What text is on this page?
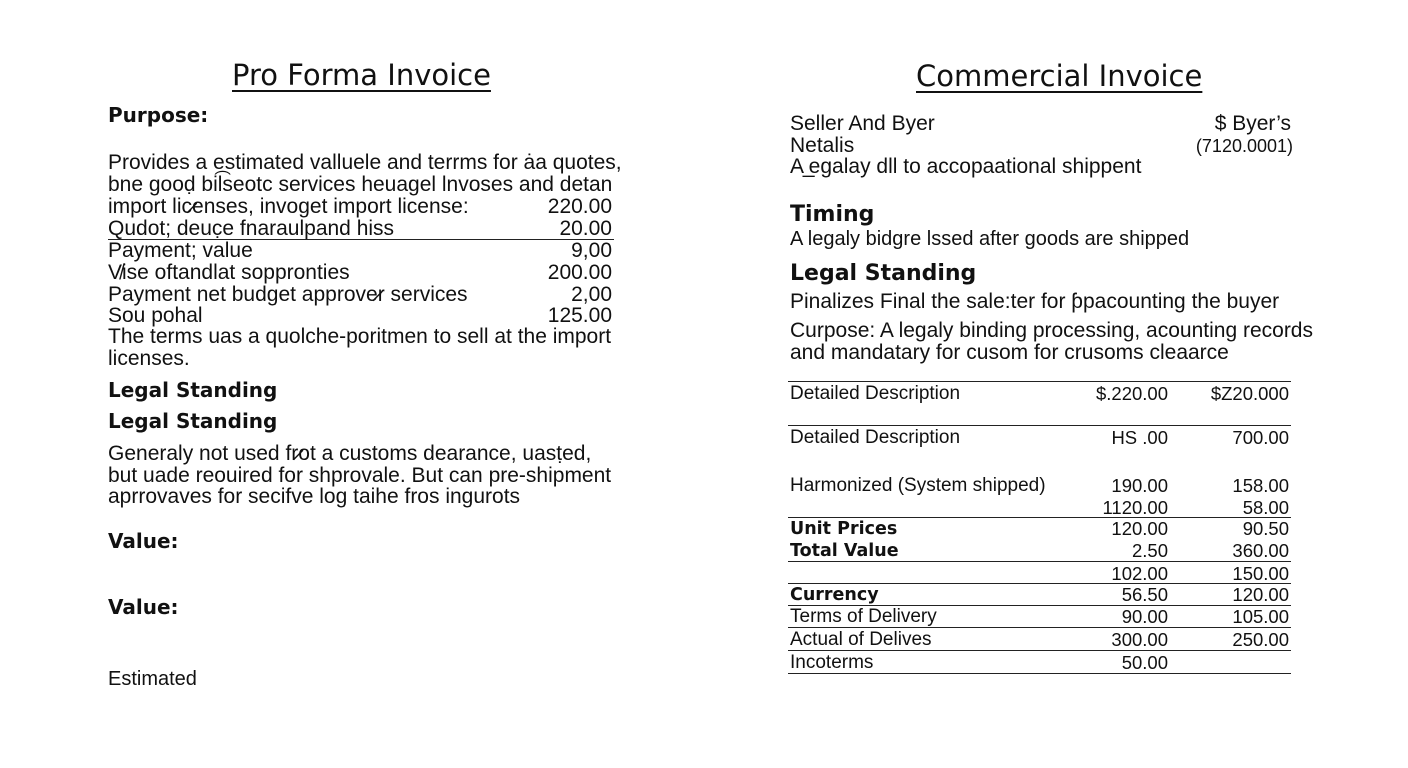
Pro Forma Invoice
Purpose:
Provides a estimated valluele and terrms for ȧa quotes,
bne gooḍ bil͡seotc services heuagel lnvoses and detan
import lic̷enses, invoget import license:	220.00
Qudot; deuc̣e fnaraulpand hiss	20.00
Payment; value	9,00
V̸ise oftandlat soppronties	200.00
Payment net budget approve̷r services	2,00
Sou pohal	125.00
The terms uas a quolche-poritmen to sell at the import
licenses.
Legal Standing
Legal Standing
Generaly not used fr̷ot a customs dearance, uasṭed,
but uade reouired for shprovale. But can pre-shipment
aprrovaves for secifve log taihe fros ingurots
Value:
Value:
Estimated
Commercial Invoice
Seller And Byer	$ Byer’s
Netalis	(7120.0001)
A ̲egalay dll to accopaational shippent
Timing
A legaly bidgre lssed after goods are shipped
Legal Standing
Pinalizes Final the sale:ter for ƥpacounting the buyer
Curpose: A legaly binding processing, acounting records
and mandatary for cusom for crusoms cleaarce
Detailed Description	$.220.00 $Z20.000
Detailed Description	HS .00	700.00
Harmonized (System shipped)	190.00	158.00
1120.00	58.00
Unit Prices	120.00	90.50
Total Value	2.50	360.00
102.00	150.00
Currency	56.50	120.00
Terms of Delivery	90.00	105.00
Actual of Delives	300.00	250.00
Incoterms	50.00
